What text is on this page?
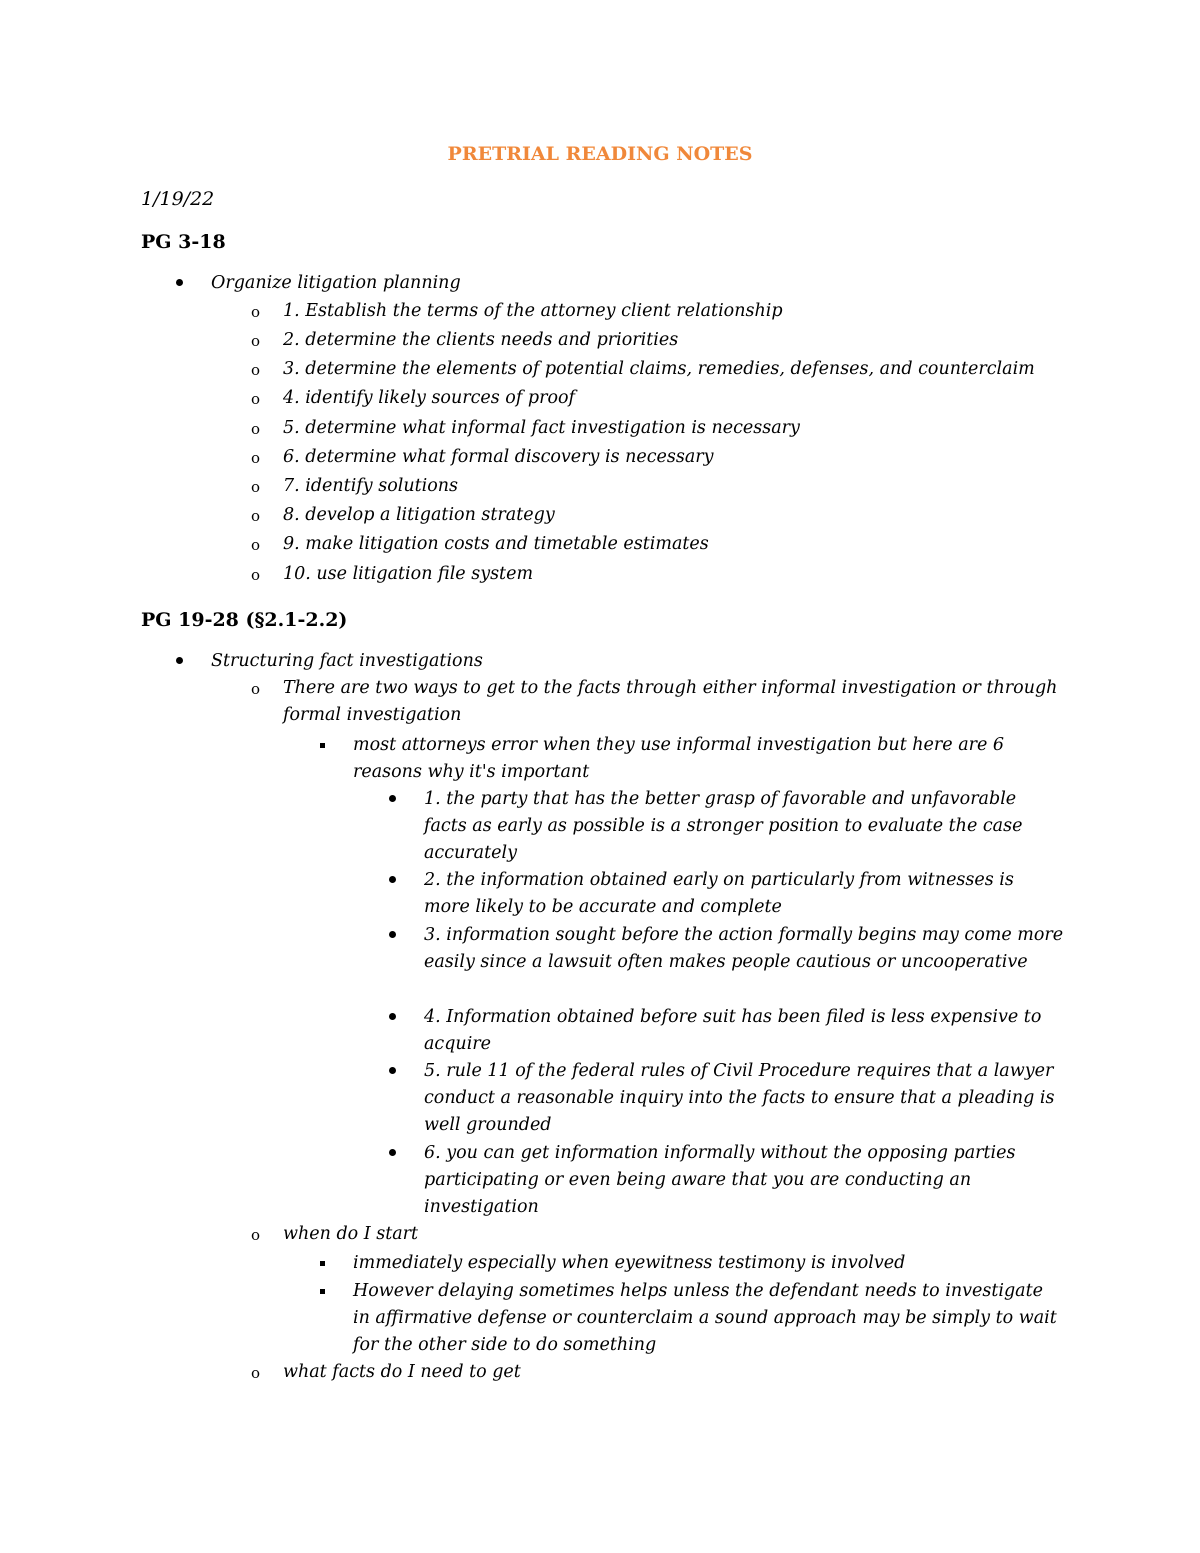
PRETRIAL READING NOTES
1/19/22
PG 3-18
Organize litigation planning
o 1. Establish the terms of the attorney client relationship
o 2. determine the clients needs and priorities
o 3. determine the elements of potential claims, remedies, defenses, and counterclaim
o 4. identify likely sources of proof
o 5. determine what informal fact investigation is necessary
o 6. determine what formal discovery is necessary
o 7. identify solutions
o 8. develop a litigation strategy
o 9. make litigation costs and timetable estimates
o 10. use litigation file system
PG 19-28 (§2.1-2.2)
Structuring fact investigations
o There are two ways to get to the facts through either informal investigation or through formal investigation
most attorneys error when they use informal investigation but here are 6 reasons why it's important
1. the party that has the better grasp of favorable and unfavorable facts as early as possible is a stronger position to evaluate the case accurately
2. the information obtained early on particularly from witnesses is more likely to be accurate and complete
3. information sought before the action formally begins may come more easily since a lawsuit often makes people cautious or uncooperative
4. Information obtained before suit has been filed is less expensive to acquire
5. rule 11 of the federal rules of Civil Procedure requires that a lawyer conduct a reasonable inquiry into the facts to ensure that a pleading is well grounded
6. you can get information informally without the opposing parties participating or even being aware that you are conducting an investigation
o when do I start
immediately especially when eyewitness testimony is involved
However delaying sometimes helps unless the defendant needs to investigate in affirmative defense or counterclaim a sound approach may be simply to wait for the other side to do something
o what facts do I need to get
